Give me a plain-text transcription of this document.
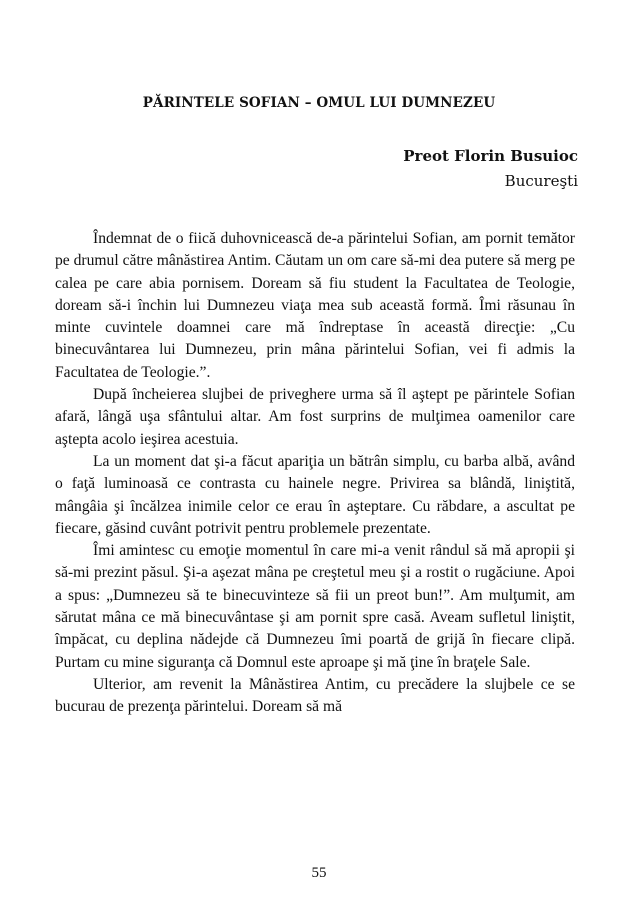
PĂRINTELE SOFIAN – OMUL LUI DUMNEZEU
Preot Florin Busuioc
Bucureşti

Îndemnat de o fiică duhovnicească de-a părintelui Sofian, am pornit temător pe drumul către mânăstirea Antim. Căutam un om care să-mi dea putere să merg pe calea pe care abia pornisem. Doream să fiu student la Facultatea de Teologie, doream să-i închin lui Dumnezeu viaţa mea sub această formă. Îmi răsunau în minte cuvintele doamnei care mă îndreptase în această direcţie: „Cu binecuvântarea lui Dumnezeu, prin mâna părintelui Sofian, vei fi admis la Facultatea de Teologie.”.

După încheierea slujbei de priveghere urma să îl aştept pe părintele Sofian afară, lângă uşa sfântului altar. Am fost surprins de mulţimea oamenilor care aştepta acolo ieşirea acestuia.

La un moment dat şi-a făcut apariţia un bătrân simplu, cu barba albă, având o faţă luminoasă ce contrasta cu hainele negre. Privirea sa blândă, liniştită, mângâia şi încălzea inimile celor ce erau în aşteptare. Cu răbdare, a ascultat pe fiecare, găsind cuvânt potrivit pentru problemele prezentate.

Îmi amintesc cu emoţie momentul în care mi-a venit rândul să mă apropii şi să-mi prezint păsul. Şi-a aşezat mâna pe creştetul meu şi a rostit o rugăciune. Apoi a spus: „Dumnezeu să te binecuvinteze să fii un preot bun!”. Am mulţumit, am sărutat mâna ce mă binecuvântase şi am pornit spre casă. Aveam sufletul liniştit, împăcat, cu deplina nădejde că Dumnezeu îmi poartă de grijă în fiecare clipă. Purtam cu mine siguranţa că Domnul este aproape şi mă ţine în braţele Sale.

Ulterior, am revenit la Mânăstirea Antim, cu precădere la slujbele ce se bucurau de prezenţa părintelui. Doream să mă

55
